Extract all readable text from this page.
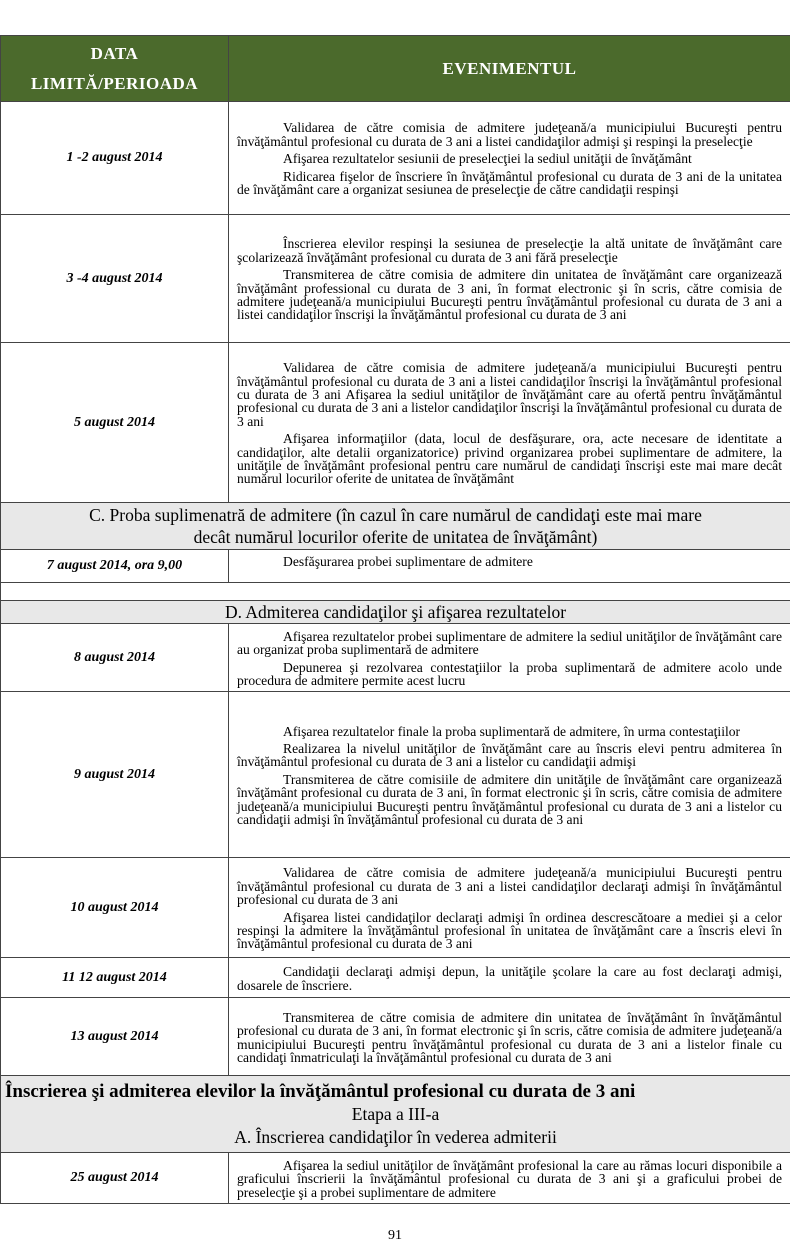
DATA
LIMITĂ/PERIOADA	EVENIMENTUL
1 -2 august 2014	Validarea de către comisia de admitere judeţeană/a municipiului Bucureşti pentru învăţământul profesional cu durata de 3 ani a listei candidaţilor admişi şi respinşi la preselecţie

Afişarea rezultatelor sesiunii de preselecţiei la sediul unităţii de învăţământ

Ridicarea fişelor de înscriere în învăţământul profesional cu durata de 3 ani de la unitatea de învăţământ care a organizat sesiunea de preselecţie de către candidaţii respinşi

3 -4 august 2014	Înscrierea elevilor respinşi la sesiunea de preselecţie la altă unitate de învăţământ care şcolarizează învăţământ profesional cu durata de 3 ani fără preselecţie

Transmiterea de către comisia de admitere din unitatea de învăţământ care organizează învăţământ professional cu durata de 3 ani, în format electronic şi în scris, către comisia de admitere judeţeană/a municipiului Bucureşti pentru învăţământul profesional cu durata de 3 ani a listei candidaţilor înscrişi la învăţământul profesional cu durata de 3 ani

5 august 2014	Validarea de către comisia de admitere judeţeană/a municipiului Bucureşti pentru învăţământul profesional cu durata de 3 ani a listei candidaţilor înscrişi la învăţământul profesional cu durata de 3 ani Afişarea la sediul unităţilor de învăţământ care au ofertă pentru învăţământul profesional cu durata de 3 ani a listelor candidaţilor înscrişi la învăţământul profesional cu durata de 3 ani

Afişarea informaţiilor (data, locul de desfăşurare, ora, acte necesare de identitate a candidaţilor, alte detalii organizatorice) privind organizarea probei suplimentare de admitere, la unităţile de învăţământ profesional pentru care numărul de candidaţi înscrişi este mai mare decât numărul locurilor oferite de unitatea de învăţământ

C. Proba suplimenatră de admitere (în cazul în care numărul de candidaţi este mai mare
decât numărul locurilor oferite de unitatea de învăţământ)	

7 august 2014, ora 9,00	Desfăşurarea probei suplimentare de admitere

D. Admiterea candidaţilor şi afişarea rezultatelor	
8 august 2014	Afişarea rezultatelor probei suplimentare de admitere la sediul unităţilor de învăţământ care au organizat proba suplimentară de admitere

Depunerea şi rezolvarea contestaţiilor la proba suplimentară de admitere acolo unde procedura de admitere permite acest lucru

9 august 2014	Afişarea rezultatelor finale la proba suplimentară de admitere, în urma contestaţiilor

Realizarea la nivelul unităţilor de învăţământ care au înscris elevi pentru admiterea în învăţământul profesional cu durata de 3 ani a listelor cu candidaţii admişi

Transmiterea de către comisiile de admitere din unităţile de învăţământ care organizează învăţământ profesional cu durata de 3 ani, în format electronic şi în scris, către comisia de admitere judeţeană/a municipiului Bucureşti pentru învăţământul profesional cu durata de 3 ani a listelor cu candidaţii admişi în învăţământul profesional cu durata de 3 ani

10 august 2014	Validarea de către comisia de admitere judeţeană/a municipiului Bucureşti pentru învăţământul profesional cu durata de 3 ani a listei candidaţilor declaraţi admişi în învăţământul profesional cu durata de 3 ani

Afişarea listei candidaţilor declaraţi admişi în ordinea descrescătoare a mediei şi a celor respinşi la admitere la învăţământul profesional în unitatea de învăţământ care a înscris elevi în învăţământul profesional cu durata de 3 ani

11 12 august 2014	Candidaţii declaraţi admişi depun, la unităţile şcolare la care au fost declaraţi admişi, dosarele de înscriere.

13 august 2014	Transmiterea de către comisia de admitere din unitatea de învăţământ în învăţământul profesional cu durata de 3 ani, în format electronic şi în scris, către comisia de admitere judeţeană/a municipiului Bucureşti pentru învăţământul profesional cu durata de 3 ani a listelor finale cu candidaţi înmatriculaţi la învăţământul profesional cu durata de 3 ani

Înscrierea şi admiterea elevilor la învăţământul profesional cu durata de 3 ani
Etapa a III-a
A. Înscrierea candidaţilor în vederea admiterii	

25 august 2014	Afişarea la sediul unităţilor de învăţământ profesional la care au rămas locuri disponibile a graficului înscrierii la învăţământul profesional cu durata de 3 ani şi a graficului probei de preselecţie şi a probei suplimentare de admitere

91
